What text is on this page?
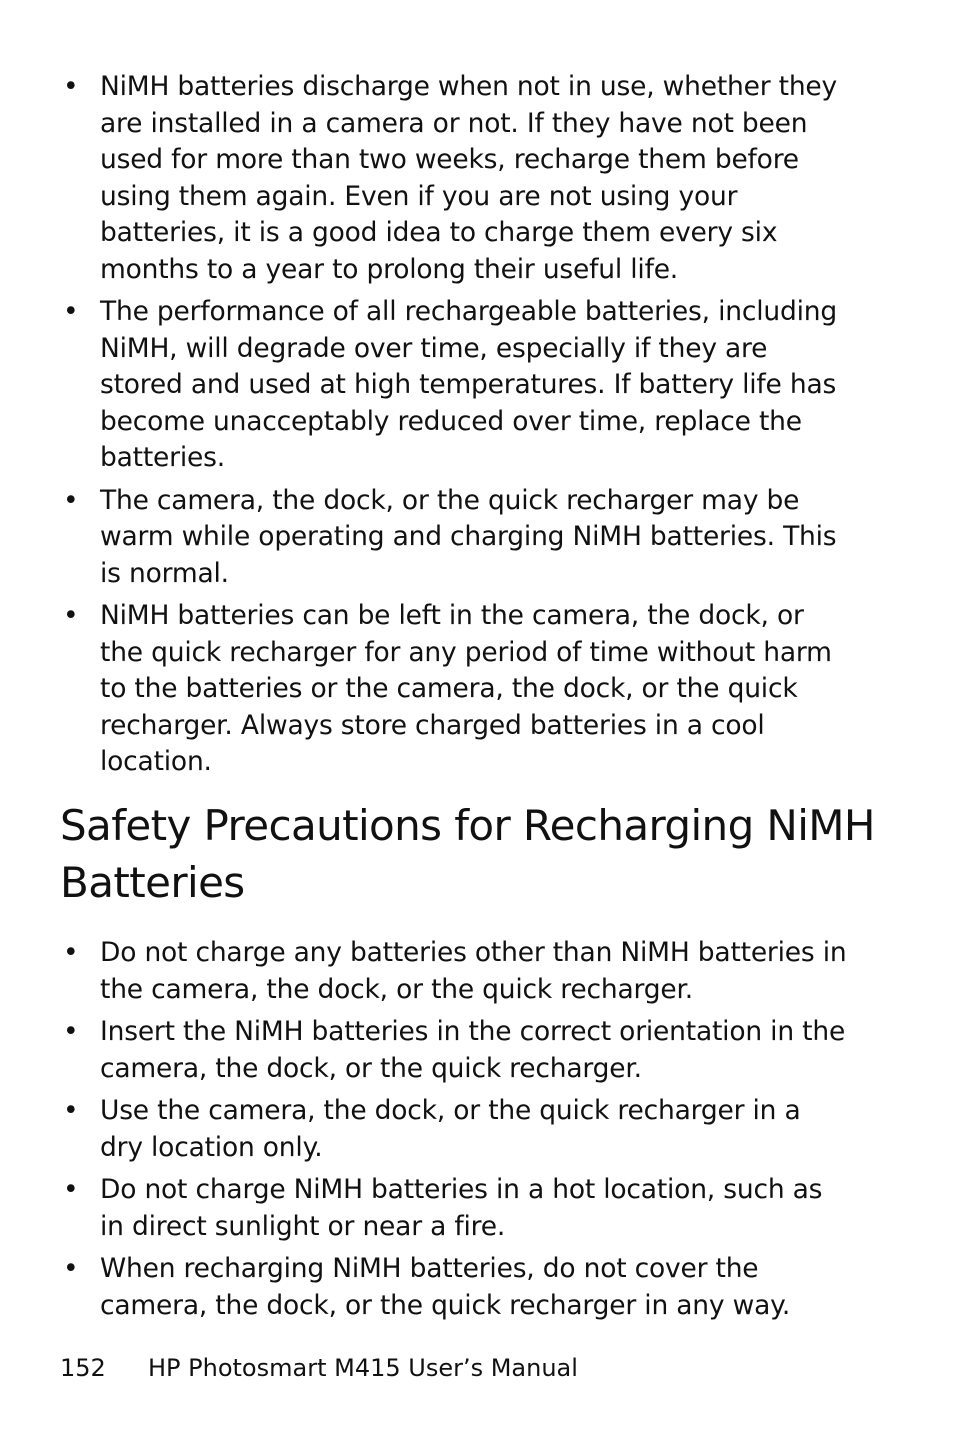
• NiMH batteries discharge when not in use, whether they are installed in a camera or not. If they have not been used for more than two weeks, recharge them before using them again. Even if you are not using your batteries, it is a good idea to charge them every six months to a year to prolong their useful life.
• The performance of all rechargeable batteries, including NiMH, will degrade over time, especially if they are stored and used at high temperatures. If battery life has become unacceptably reduced over time, replace the batteries.
• The camera, the dock, or the quick recharger may be warm while operating and charging NiMH batteries. This is normal.
• NiMH batteries can be left in the camera, the dock, or the quick recharger for any period of time without harm to the batteries or the camera, the dock, or the quick recharger. Always store charged batteries in a cool location.
Safety Precautions for Recharging NiMH Batteries
• Do not charge any batteries other than NiMH batteries in the camera, the dock, or the quick recharger.
• Insert the NiMH batteries in the correct orientation in the camera, the dock, or the quick recharger.
• Use the camera, the dock, or the quick recharger in a dry location only.
• Do not charge NiMH batteries in a hot location, such as in direct sunlight or near a fire.
• When recharging NiMH batteries, do not cover the camera, the dock, or the quick recharger in any way.
152 HP Photosmart M415 User’s Manual
